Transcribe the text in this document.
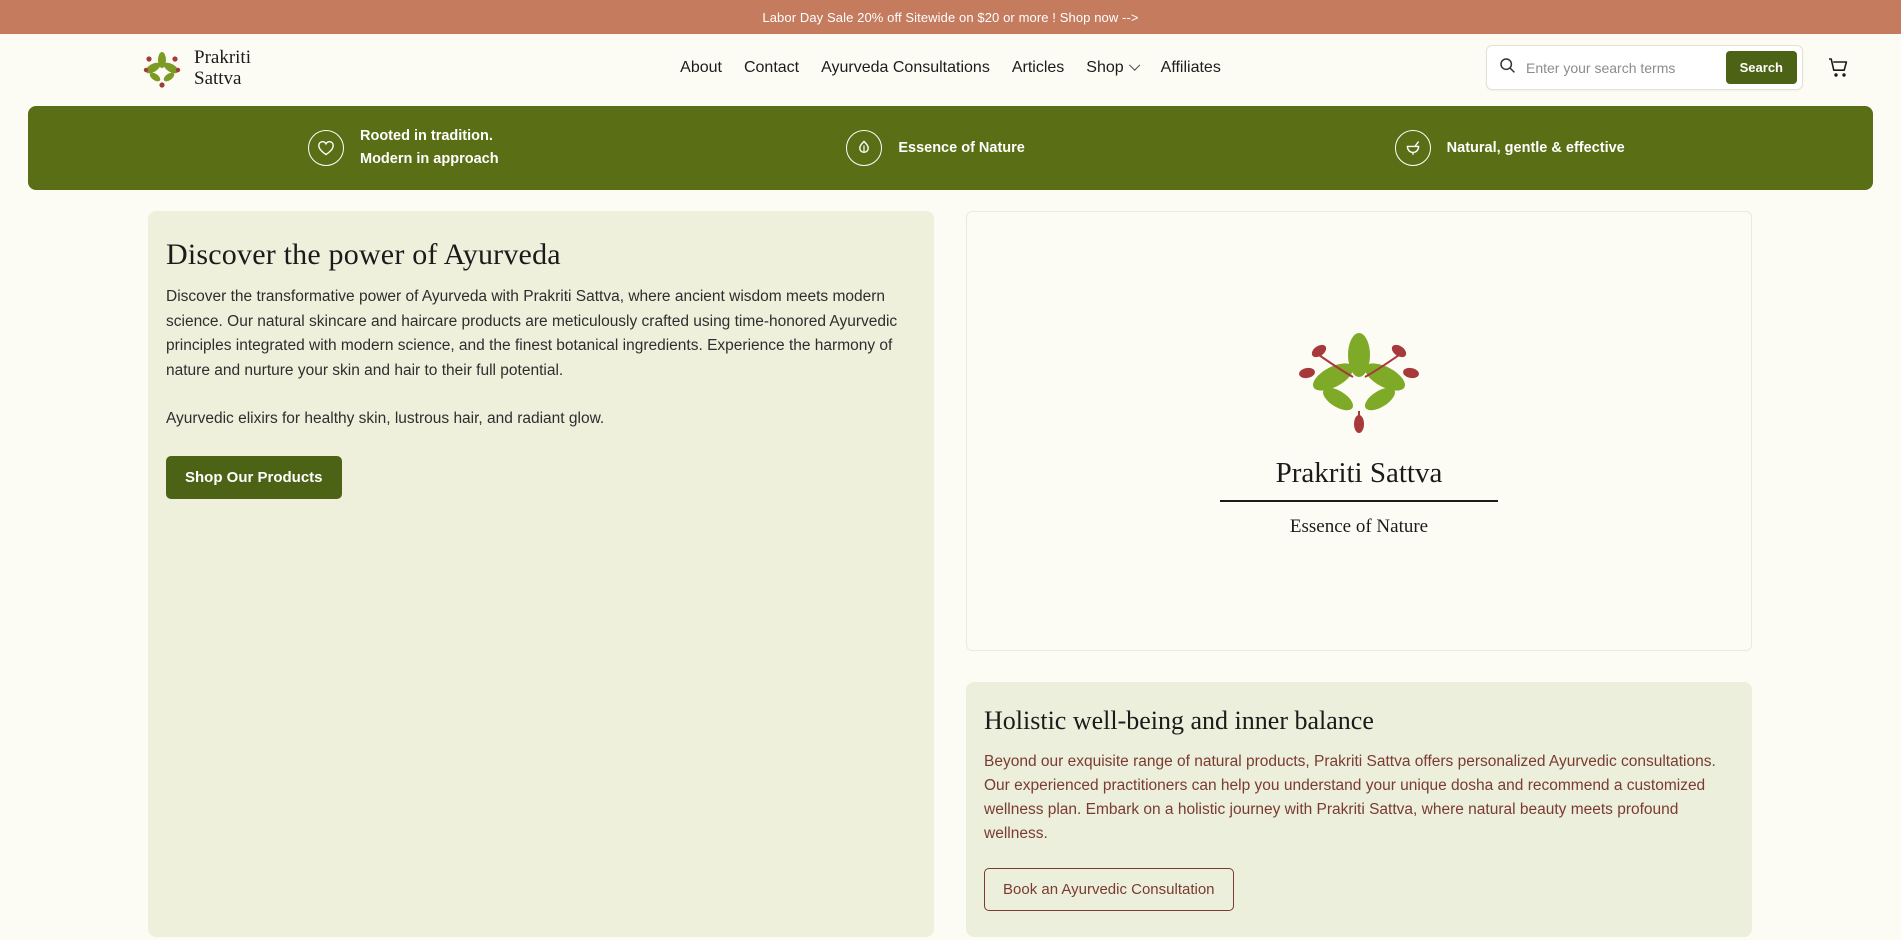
Labor Day Sale 20% off Sitewide on $20 or more ! Shop now -->
Prakriti
Sattva
About Contact Ayurveda Consultations Articles Shop Affiliates
Enter your search terms	Search
Rooted in tradition. Modern in approach
Essence of Nature	Natural, gentle & effective
Discover the power of Ayurveda

Discover the transformative power of Ayurveda with Prakriti Sattva, where ancient wisdom meets modern science. Our natural skincare and haircare products are meticulously crafted using time-honored Ayurvedic principles integrated with modern science, and the finest botanical ingredients. Experience the harmony of nature and nurture your skin and hair to their full potential.

Ayurvedic elixirs for healthy skin, lustrous hair, and radiant glow.

Shop Our Products	Prakriti Sattva
Essence of Nature
Holistic well-being and inner balance

Beyond our exquisite range of natural products, Prakriti Sattva offers personalized Ayurvedic consultations. Our experienced practitioners can help you understand your unique dosha and recommend a customized wellness plan. Embark on a holistic journey with Prakriti Sattva, where natural beauty meets profound wellness.

Book an Ayurvedic Consultation
